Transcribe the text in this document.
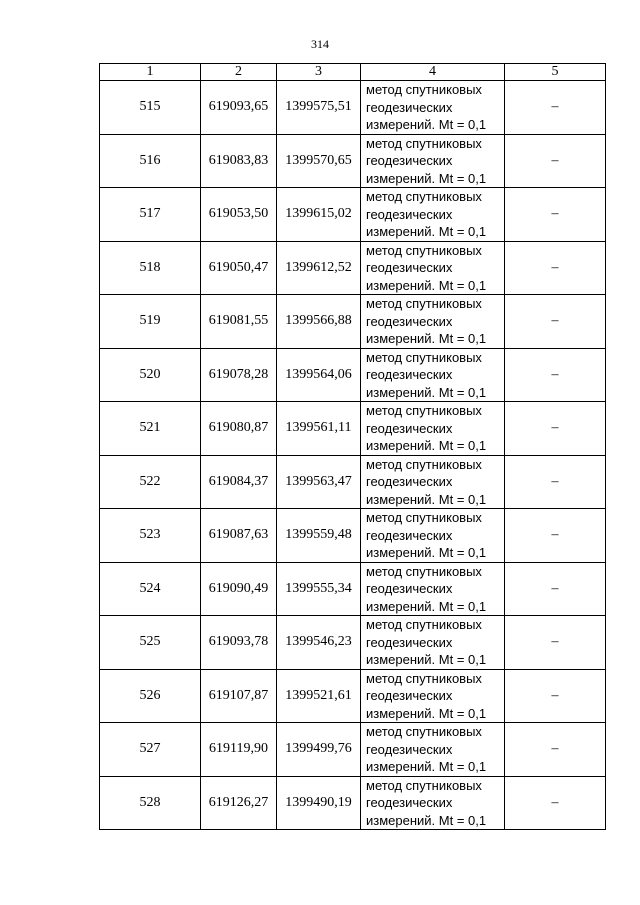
314
1	2	3	4	5
515	619093,65	1399575,51	метод спутниковых
геодезических
измерений. Mt = 0,1	–
516	619083,83	1399570,65	метод спутниковых
геодезических
измерений. Mt = 0,1	–
517	619053,50	1399615,02	метод спутниковых
геодезических
измерений. Mt = 0,1	–
518	619050,47	1399612,52	метод спутниковых
геодезических
измерений. Mt = 0,1	–
519	619081,55	1399566,88	метод спутниковых
геодезических
измерений. Mt = 0,1	–
520	619078,28	1399564,06	метод спутниковых
геодезических
измерений. Mt = 0,1	–
521	619080,87	1399561,11	метод спутниковых
геодезических
измерений. Mt = 0,1	–
522	619084,37	1399563,47	метод спутниковых
геодезических
измерений. Mt = 0,1	–
523	619087,63	1399559,48	метод спутниковых
геодезических
измерений. Mt = 0,1	–
524	619090,49	1399555,34	метод спутниковых
геодезических
измерений. Mt = 0,1	–
525	619093,78	1399546,23	метод спутниковых
геодезических
измерений. Mt = 0,1	–
526	619107,87	1399521,61	метод спутниковых
геодезических
измерений. Mt = 0,1	–
527	619119,90	1399499,76	метод спутниковых
геодезических
измерений. Mt = 0,1	–
528	619126,27	1399490,19	метод спутниковых
геодезических
измерений. Mt = 0,1	–
